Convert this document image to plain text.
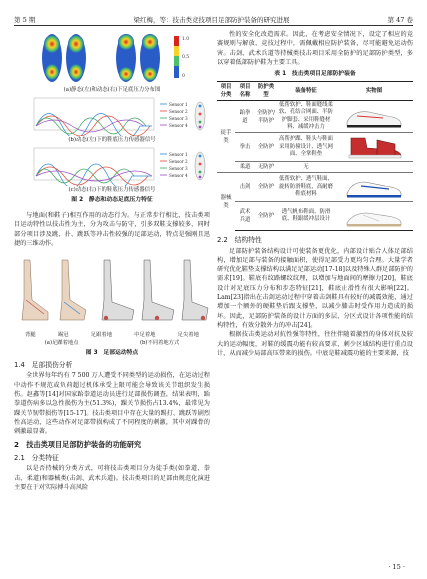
第 5 期	梁红梅，等：技击类竞技项目足部防护装备的研究进展	第 47 卷
1.0
0.5
0
(a)静态(左)和动态(右)下足底压力分布图
Sensor 1
Sensor 2
Sensor 3
Sensor 4
(b)动态(左)下的鞋底压力传感器信号
Sensor 1
Sensor 2
Sensor 3
Sensor 4
(c)动态(右)下的鞋底压力传感器信号
图 2　静态和动态足底压力特征

与地面(和鞋子)相互作用的动态行为。与正常步行相比，技击类项目运动特性以技击性为主，分为攻击与防守，引多双鞋支撑较多，同时部分项目涉及跳、扑、跳跃等冲击性较强的足部运动，特点是强刚且迅捷的三维动作。

背腿	踢冠	足跟着地	中足着地	足尖着地
(a)足踝着地点	(b)不同着地方式
图 3　足部运动特点
1.4　足部损伤分析

全世界每年约有 7 500 万人遭受不同类型的运动损伤，在运动过程中动作不规范或负荷超过机体承受上限可能会导致该关节组织发生损伤。赵鑫等[14]对国家跆拳道运动员进行足部损伤调查，结果表明，跆拳道伤病多以急性损伤为主(51.3%)，踝关节损伤占13.4%，最常见为踝关节韧带损伤等[15-17]。技击类项目中存在大量的踢打、跳跃等剧烈性高运动，这些动作对足部带损构成了不同程度的刺激，其中对踝骨的刺激最显著。

2　技击类项目足部防护装备的功能研究
2.1　分类特征

以是否持械的分类方式，可将技击类项目分为徒手类(如拳道、拳击、柔道)和器械类(击剑、武术兵道)。技击类项目的足部由规范化演进主要在于对实际搏斗高风险

性的安全化改造需求。因此，在考虑安全情况下，设定了相应的竞赛规则与解放、竞技过程中，需佩戴相应防护装备，尽可能避免运动伤害。击剑、武术兵道等持械类技击项目采用全防护的足部防护类型，多以穿着低部防护鞋为主要工具。

表 1　技击类项目足部防护装备
项目分类	项目名称	防护类型	装备特征	实物图
徒手类	跆拳道	全防护/半防护	低帮软护、鞋面缝线柔软、孔结合网面、半防护脚套、采用鞋缝材料、减缓冲击力	

	拳击	全防护	高帮护踝、鞋头与鞋面采用防撞设计、透气网面、全掌鞋垫	

	柔道	无防护	无	
器械类	击剑	全防护	低帮软护、透气鞋面、旋转防滑鞋底，高耐磨鞋底材料	

	武术兵道	全防护	透气帆布鞋面、防滑底、鞋跟缓冲层设计	
2.2　结构特性

足部防护装备结构设计可使装备更优化，内部设计贴合人体足部结构，增加足部与装备的接触面积，使得足部受力更均匀合理。大量学者研究优化鞋垫支撑结构以满足足部运动[17-18]以及特殊人群足部防护的需求[19]。鞋底有纹路螺纹纹理，以增加与地面间的摩擦力[20]，鞋底设计对足底压力分布和步态特征[21]，鞋底止滑性有很大影响[22]。Lam[23]指出在击剑运动过程中穿着击剑鞋具有较好的减震效能，通过增加一个额外的硬鞋垫后跟支撑垫，以减少膝击时受作用力造成的损坏。因此，足部防护装备的设计方面的多层，分区式设计各项性能的结构特性，有效分散外力的冲击[24]。

根据技击类运动对抗性强等特性，往往伴随着激烈的身体对抗及较大的运动幅度，对鞋的缓震功能有较高要求，刺少区域结构进行重点设计，从而减少局部高压带来的损伤。中底是鞋减震功能的主要来源，技

· 15 ·
